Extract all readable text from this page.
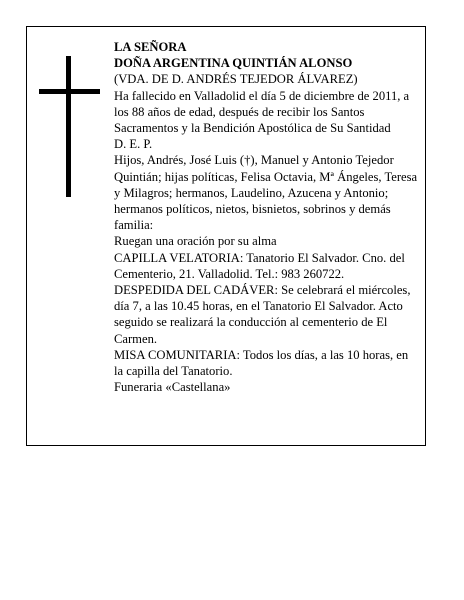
LA SEÑORA

DOÑA ARGENTINA QUINTIÁN ALONSO

(VDA. DE D. ANDRÉS TEJEDOR ÁLVAREZ)

Ha fallecido en Valladolid el día 5 de diciembre de 2011, a los 88 años de edad, después de recibir los Santos Sacramentos y la Bendición Apostólica de Su Santidad

D. E. P.

Hijos, Andrés, José Luis (†), Manuel y Antonio Tejedor Quintián; hijas políticas, Felisa Octavia, Mª Ángeles, Teresa y Milagros; hermanos, Laudelino, Azucena y Antonio; hermanos políticos, nietos, bisnietos, sobrinos y demás familia:

Ruegan una oración por su alma

CAPILLA VELATORIA: Tanatorio El Salvador. Cno. del Cementerio, 21. Valladolid. Tel.: 983 260722.

DESPEDIDA DEL CADÁVER: Se celebrará el miércoles, día 7, a las 10.45 horas, en el Tanatorio El Salvador. Acto seguido se realizará la conducción al cementerio de El Carmen.

MISA COMUNITARIA: Todos los días, a las 10 horas, en la capilla del Tanatorio.

Funeraria «Castellana»
